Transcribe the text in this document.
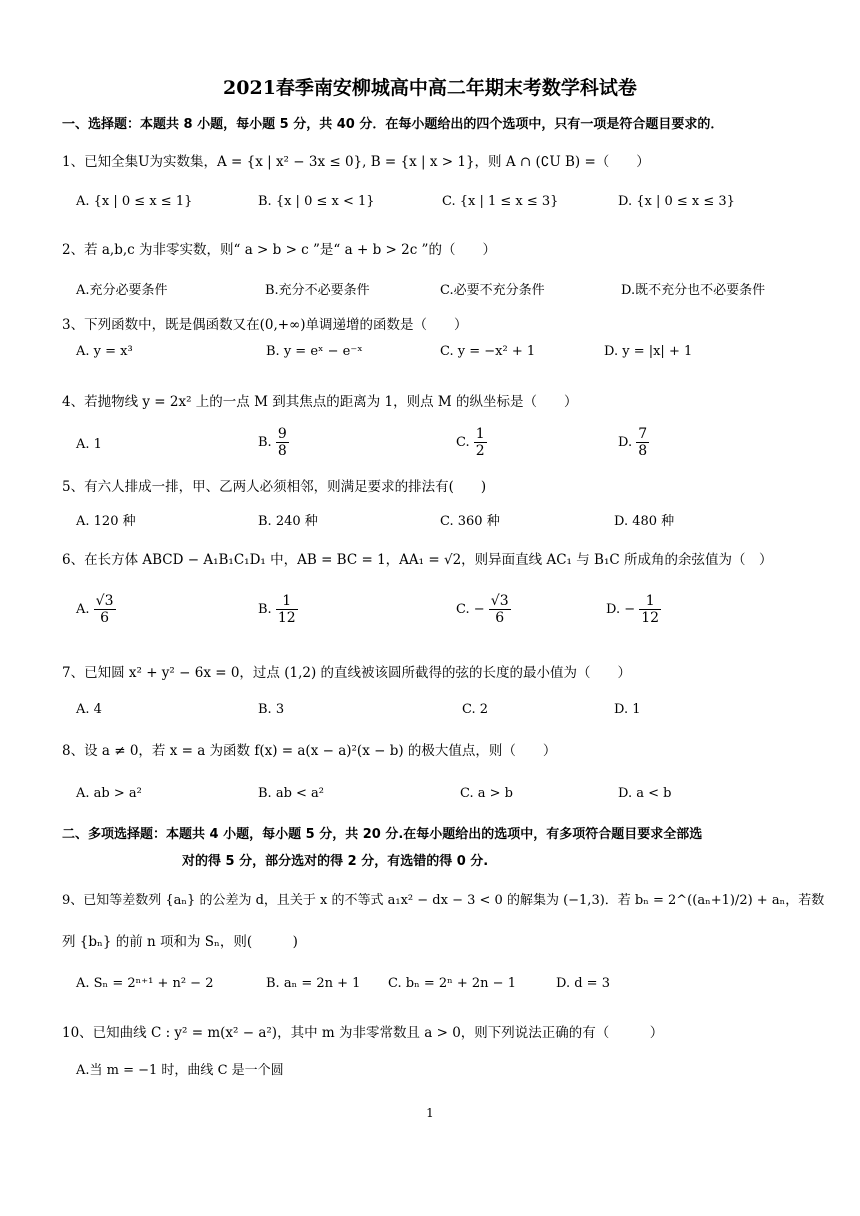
2021春季南安柳城高中高二年期末考数学科试卷
一、选择题：本题共 8 小题，每小题 5 分，共 40 分．在每小题给出的四个选项中，只有一项是符合题目要求的．
1、已知全集U为实数集，A = {x | x² − 3x ≤ 0}, B = {x | x > 1}，则 A ∩ (∁U B) =（　　）
A. {x | 0 ≤ x ≤ 1}	B. {x | 0 ≤ x < 1}	C. {x | 1 ≤ x ≤ 3}	D. {x | 0 ≤ x ≤ 3}
2、若 a,b,c 为非零实数，则“ a > b > c ”是“ a + b > 2c ”的（　　）
A.充分必要条件	B.充分不必要条件	C.必要不充分条件	D.既不充分也不必要条件
3、下列函数中，既是偶函数又在(0,+∞)单调递增的函数是（　　）
A. y = x³	B. y = eˣ − e⁻ˣ	C. y = −x² + 1	D. y = |x| + 1
4、若抛物线 y = 2x² 上的一点 M 到其焦点的距离为 1，则点 M 的纵坐标是（　　）
A. 1	B. $\frac{9}{8}$	C. $\frac{1}{2}$	D. $\frac{7}{8}$
5、有六人排成一排，甲、乙两人必须相邻，则满足要求的排法有(　　)
A. 120 种	B. 240 种	C. 360 种	D. 480 种
6、在长方体 ABCD − A₁B₁C₁D₁ 中，AB = BC = 1，AA₁ = √2，则异面直线 AC₁ 与 B₁C 所成角的余弦值为（　）
A. $\frac{√3}{6}$	B. $\frac{1}{12}$	C. − $\frac{√3}{6}$	D. − $\frac{1}{12}$
7、已知圆 x² + y² − 6x = 0，过点 (1,2) 的直线被该圆所截得的弦的长度的最小值为（　　）
A. 4	B. 3	C. 2	D. 1
8、设 a ≠ 0，若 x = a 为函数 f(x) = a(x − a)²(x − b) 的极大值点，则（　　）
A. ab > a²	B. ab < a²	C. a > b	D. a < b
二、多项选择题：本题共 4 小题，每小题 5 分，共 20 分.在每小题给出的选项中，有多项符合题目要求全部选
对的得 5 分，部分选对的得 2 分，有选错的得 0 分.
9、已知等差数列 {aₙ} 的公差为 d，且关于 x 的不等式 a₁x² − dx − 3 < 0 的解集为 (−1,3)．若 bₙ = 2^((aₙ+1)/2) + aₙ，若数
列 {bₙ} 的前 n 项和为 Sₙ，则(　　　)
A. Sₙ = 2ⁿ⁺¹ + n² − 2	B. aₙ = 2n + 1 C. bₙ = 2ⁿ + 2n − 1	D. d = 3
10、已知曲线 C : y² = m(x² − a²)，其中 m 为非零常数且 a > 0，则下列说法正确的有（　　　）
A.当 m = −1 时，曲线 C 是一个圆
1
